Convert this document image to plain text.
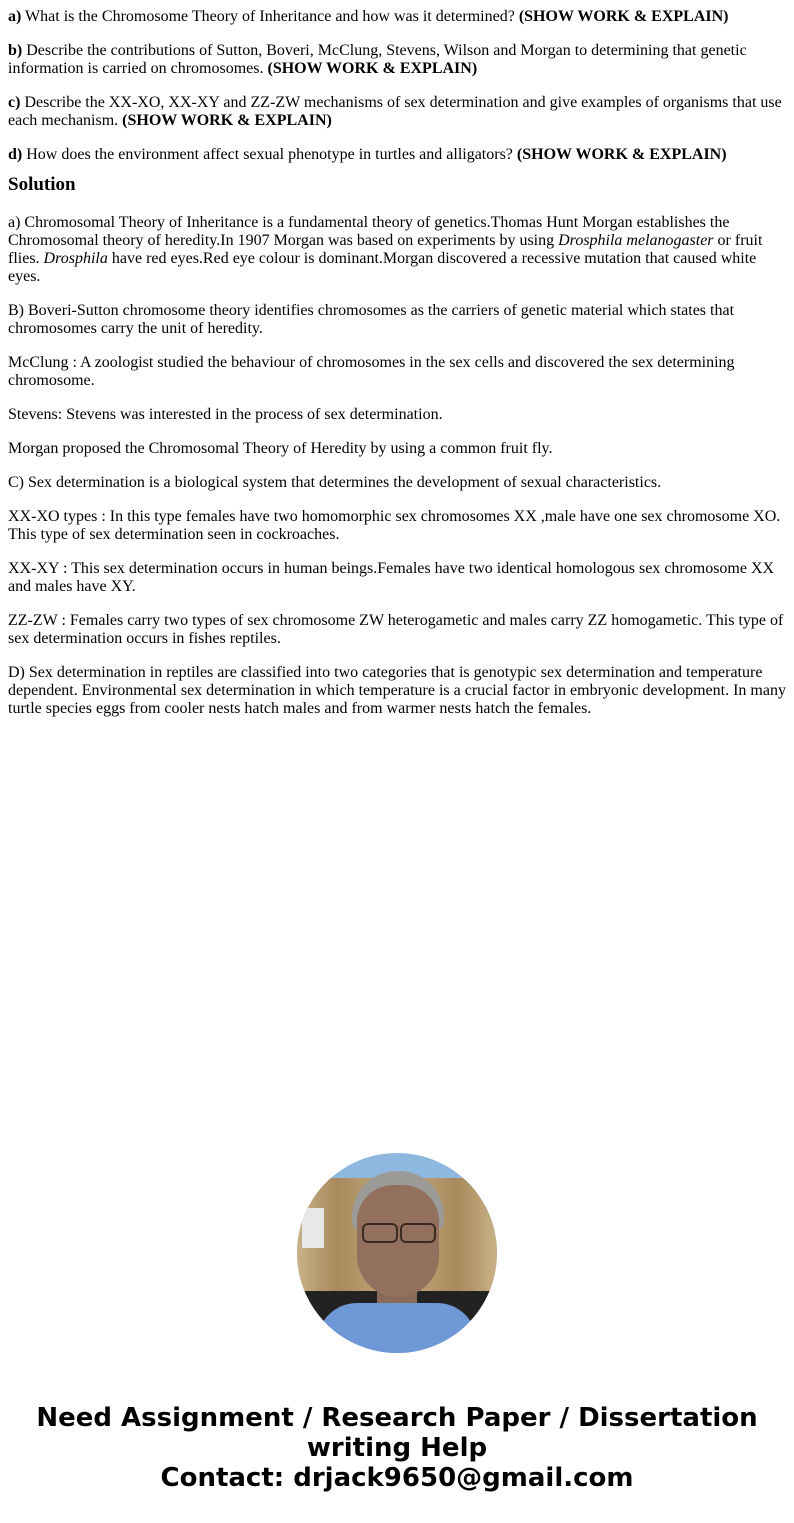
a) What is the Chromosome Theory of Inheritance and how was it determined? (SHOW WORK & EXPLAIN)

b) Describe the contributions of Sutton, Boveri, McClung, Stevens, Wilson and Morgan to determining that genetic information is carried on chromosomes. (SHOW WORK & EXPLAIN)

c) Describe the XX-XO, XX-XY and ZZ-ZW mechanisms of sex determination and give examples of organisms that use each mechanism. (SHOW WORK & EXPLAIN)

d) How does the environment affect sexual phenotype in turtles and alligators? (SHOW WORK & EXPLAIN)

Solution

a) Chromosomal Theory of Inheritance is a fundamental theory of genetics.Thomas Hunt Morgan establishes the Chromosomal theory of heredity.In 1907 Morgan was based on experiments by using Drosphila melanogaster or fruit flies. Drosphila have red eyes.Red eye colour is dominant.Morgan discovered a recessive mutation that caused white eyes.

B) Boveri-Sutton chromosome theory identifies chromosomes as the carriers of genetic material which states that chromosomes carry the unit of heredity.

McClung : A zoologist studied the behaviour of chromosomes in the sex cells and discovered the sex determining chromosome.

Stevens: Stevens was interested in the process of sex determination.

Morgan proposed the Chromosomal Theory of Heredity by using a common fruit fly.

C) Sex determination is a biological system that determines the development of sexual characteristics.

XX-XO types : In this type females have two homomorphic sex chromosomes XX ,male have one sex chromosome XO. This type of sex determination seen in cockroaches.

XX-XY : This sex determination occurs in human beings.Females have two identical homologous sex chromosome XX and males have XY.

ZZ-ZW : Females carry two types of sex chromosome ZW heterogametic and males carry ZZ homogametic. This type of sex determination occurs in fishes reptiles.

D) Sex determination in reptiles are classified into two categories that is genotypic sex determination and temperature dependent. Environmental sex determination in which temperature is a crucial factor in embryonic development. In many turtle species eggs from cooler nests hatch males and from warmer nests hatch the females.

Need Assignment / Research Paper / Dissertation
writing Help
Contact: drjack9650@gmail.com
